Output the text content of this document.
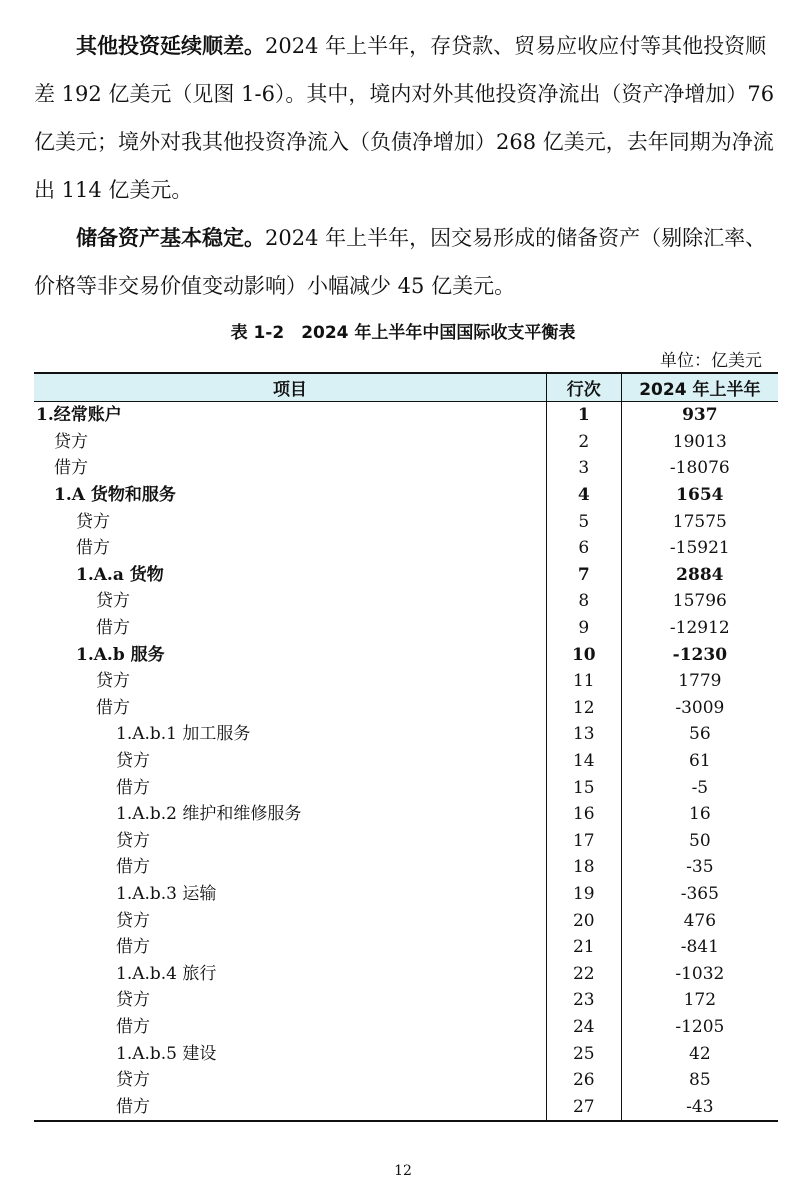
其他投资延续顺差。2024 年上半年，存贷款、贸易应收应付等其他投资顺差 192 亿美元（见图 1-6）。其中，境内对外其他投资净流出（资产净增加）76 亿美元；境外对我其他投资净流入（负债净增加）268 亿美元，去年同期为净流出 114 亿美元。

储备资产基本稳定。2024 年上半年，因交易形成的储备资产（剔除汇率、价格等非交易价值变动影响）小幅减少 45 亿美元。

表 1-2　2024 年上半年中国国际收支平衡表
单位：亿美元
项目	行次	2024 年上半年
1.经常账户	1	937
贷方	2	19013
借方	3	-18076
1.A 货物和服务	4	1654
贷方	5	17575
借方	6	-15921
1.A.a 货物	7	2884
贷方	8	15796
借方	9	-12912
1.A.b 服务	10	-1230
贷方	11	1779
借方	12	-3009
1.A.b.1 加工服务	13	56
贷方	14	61
借方	15	-5
1.A.b.2 维护和维修服务	16	16
贷方	17	50
借方	18	-35
1.A.b.3 运输	19	-365
贷方	20	476
借方	21	-841
1.A.b.4 旅行	22	-1032
贷方	23	172
借方	24	-1205
1.A.b.5 建设	25	42
贷方	26	85
借方	27	-43
12
